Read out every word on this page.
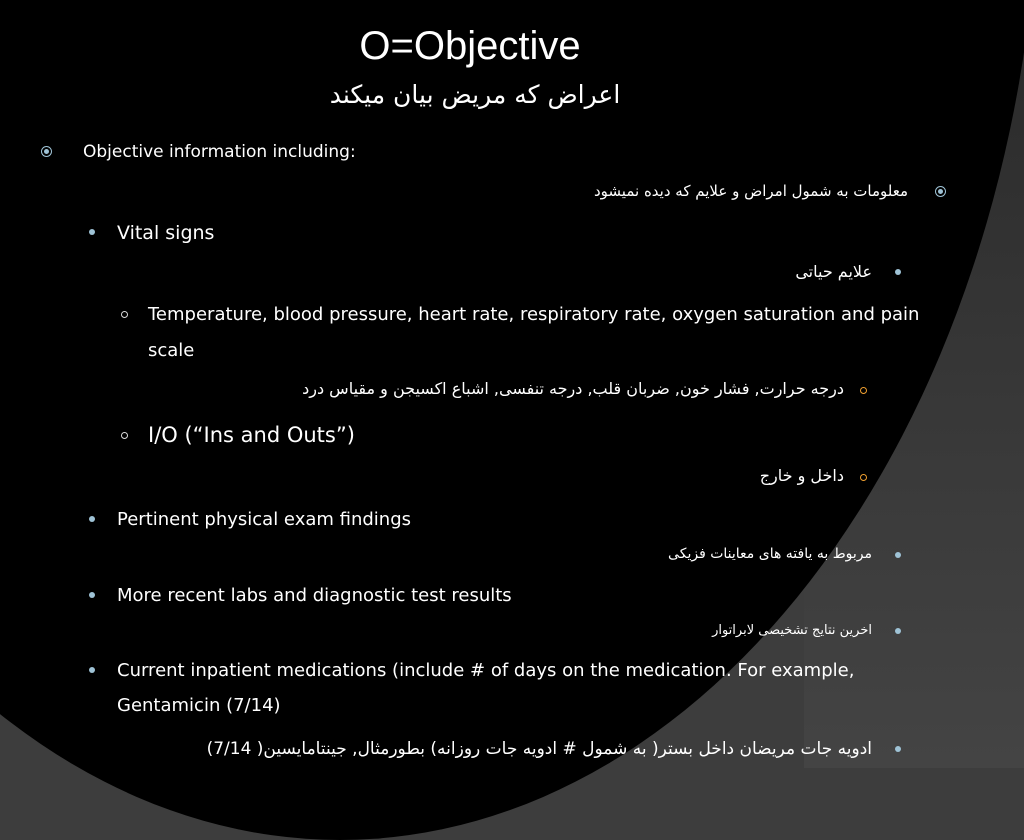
O=Objective
اعراض که مریض بیان میکند
Objective information including:
معلومات به شمول امراض و علایم که دیده نمیشود
Vital signs
علایم حیاتی
Temperature, blood pressure, heart rate, respiratory rate, oxygen saturation and pain
scale
درجه حرارت, فشار خون, ضربان قلب, درجه تنفسی, اشباع اکسیجن و مقیاس درد
I/O (“Ins and Outs”)
داخل و خارج
Pertinent physical exam findings
مربوط به یافته های معاینات فزیکی
More recent labs and diagnostic test results
اخرین نتایج تشخیصی لابراتوار
Current inpatient medications (include # of days on the medication. For example,
Gentamicin (7/14)
ادویه جات مریضان داخل بستر( به شمول # ادویه جات روزانه) بطورمثال, جینتامایسین( 7/14)
